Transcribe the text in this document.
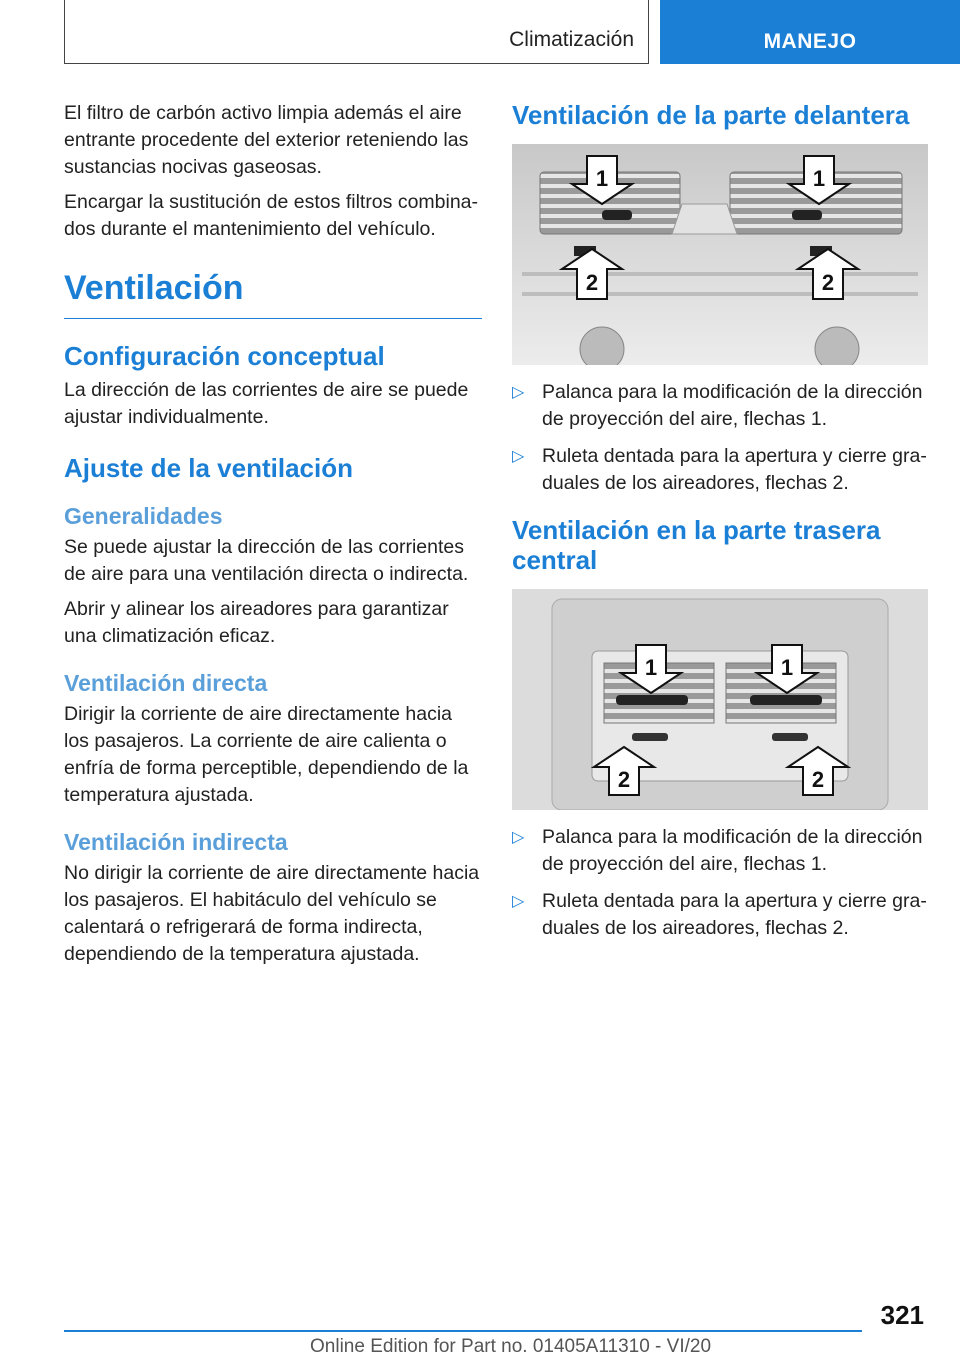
Climatización	MANEJO

El filtro de carbón activo limpia además el aire entrante procedente del exterior reteniendo las sustancias nocivas gaseosas.

Encargar la sustitución de estos filtros combinados durante el mantenimiento del vehículo.

Ventilación
Configuración conceptual

La dirección de las corrientes de aire se puede ajustar individualmente.

Ajuste de la ventilación
Generalidades

Se puede ajustar la dirección de las corrientes de aire para una ventilación directa o indirecta.

Abrir y alinear los aireadores para garantizar una climatización eficaz.

Ventilación directa

Dirigir la corriente de aire directamente hacia los pasajeros. La corriente de aire calienta o enfría de forma perceptible, dependiendo de la temperatura ajustada.

Ventilación indirecta

No dirigir la corriente de aire directamente hacia los pasajeros. El habitáculo del vehículo se calentará o refrigerará de forma indirecta, dependiendo de la temperatura ajustada.

Ventilación de la parte delantera
1	1
2	2
▷ Palanca para la modificación de la dirección de proyección del aire, flechas 1.
▷ Ruleta dentada para la apertura y cierre graduales de los aireadores, flechas 2.
Ventilación en la parte trasera central
1	1
2	2
▷ Palanca para la modificación de la dirección de proyección del aire, flechas 1.
▷ Ruleta dentada para la apertura y cierre graduales de los aireadores, flechas 2.
321
Online Edition for Part no. 01405A11310 - VI/20
